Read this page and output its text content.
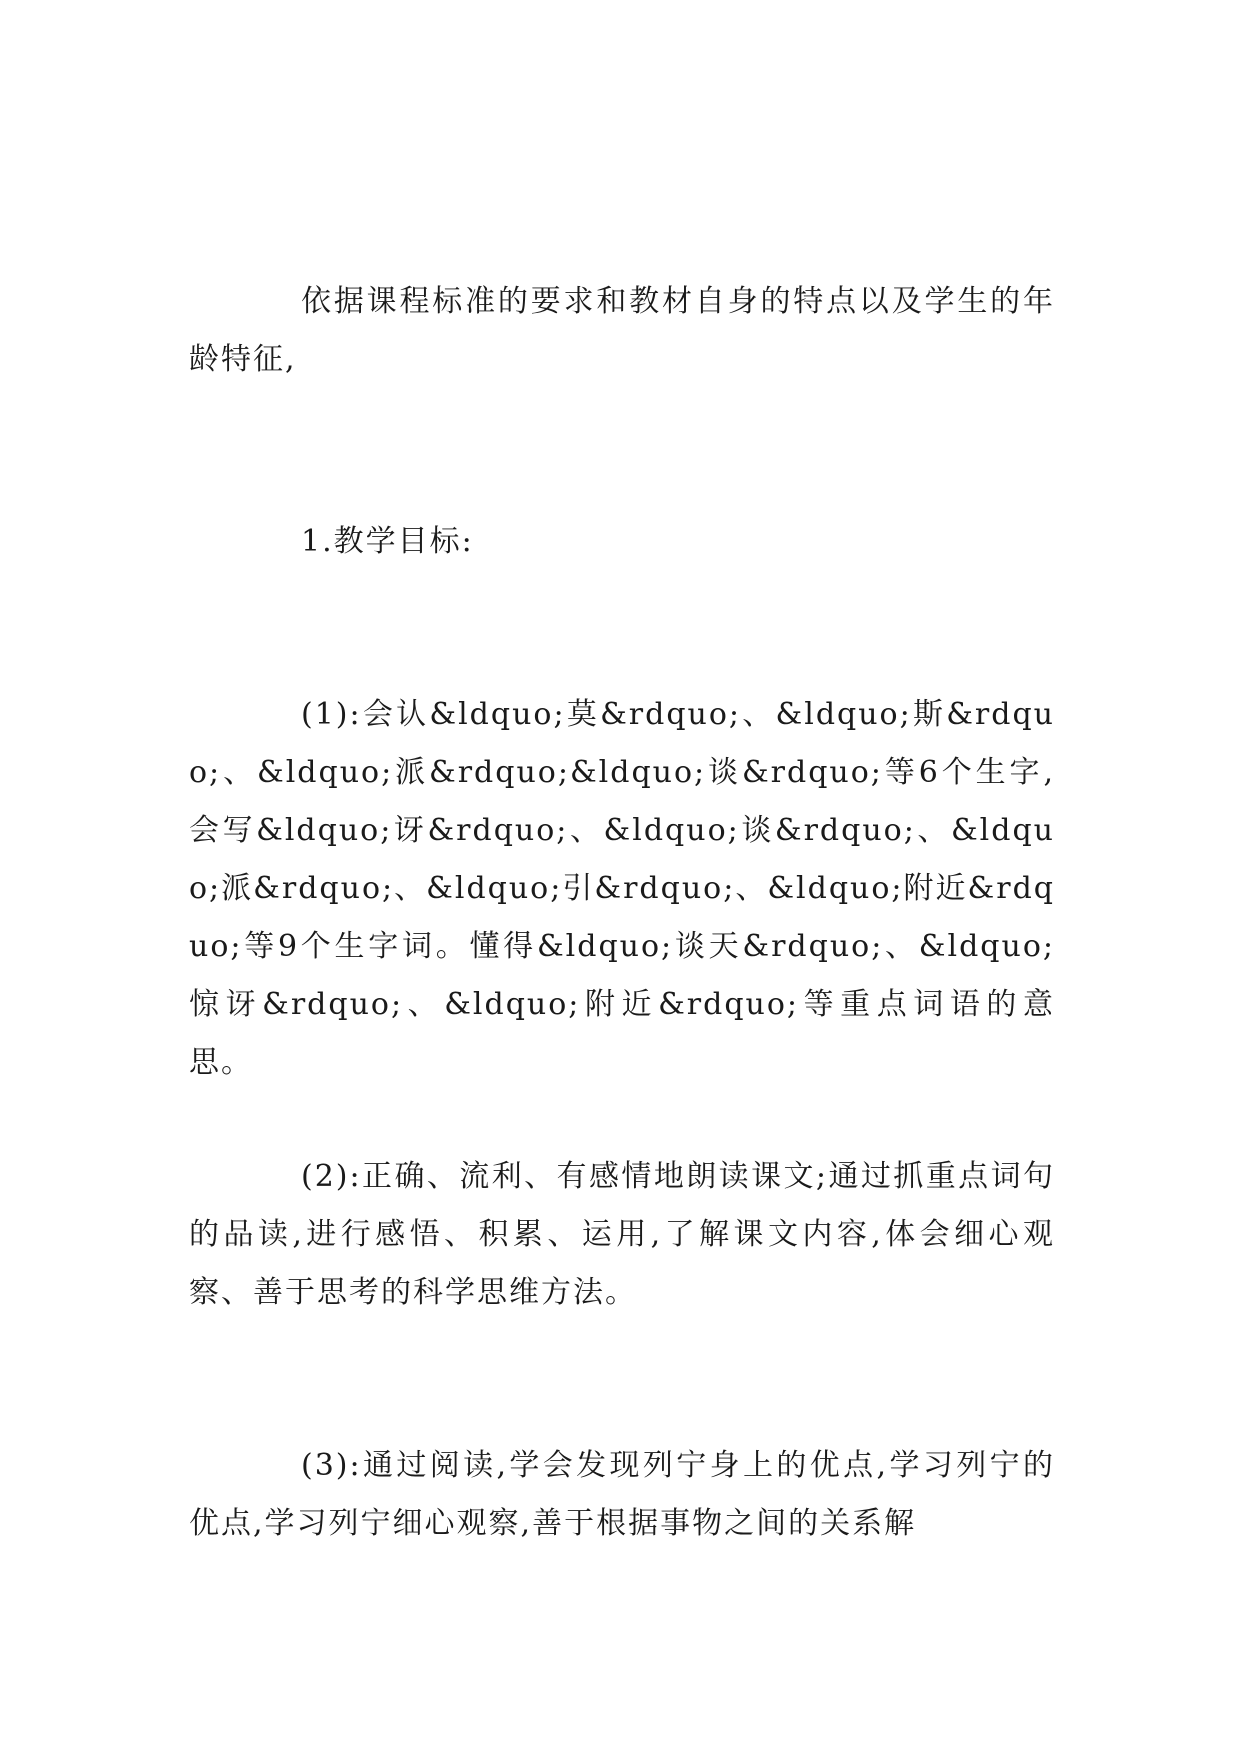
依据课程标准的要求和教材自身的特点以及学生的年龄特征,

1.教学目标:

(1):会认&ldquo;莫&rdquo;、&ldquo;斯&rdquo;、&ldquo;派&rdquo;&ldquo;谈&rdquo;等6个生字,会写&ldquo;讶&rdquo;、&ldquo;谈&rdquo;、&ldquo;派&rdquo;、&ldquo;引&rdquo;、&ldquo;附近&rdquo;等9个生字词。懂得&ldquo;谈天&rdquo;、&ldquo;惊讶&rdquo;、&ldquo;附近&rdquo;等重点词语的意思。

(2):正确、流利、有感情地朗读课文;通过抓重点词句的品读,进行感悟、积累、运用,了解课文内容,体会细心观察、善于思考的科学思维方法。

(3):通过阅读,学会发现列宁身上的优点,学习列宁的优点,学习列宁细心观察,善于根据事物之间的关系解
